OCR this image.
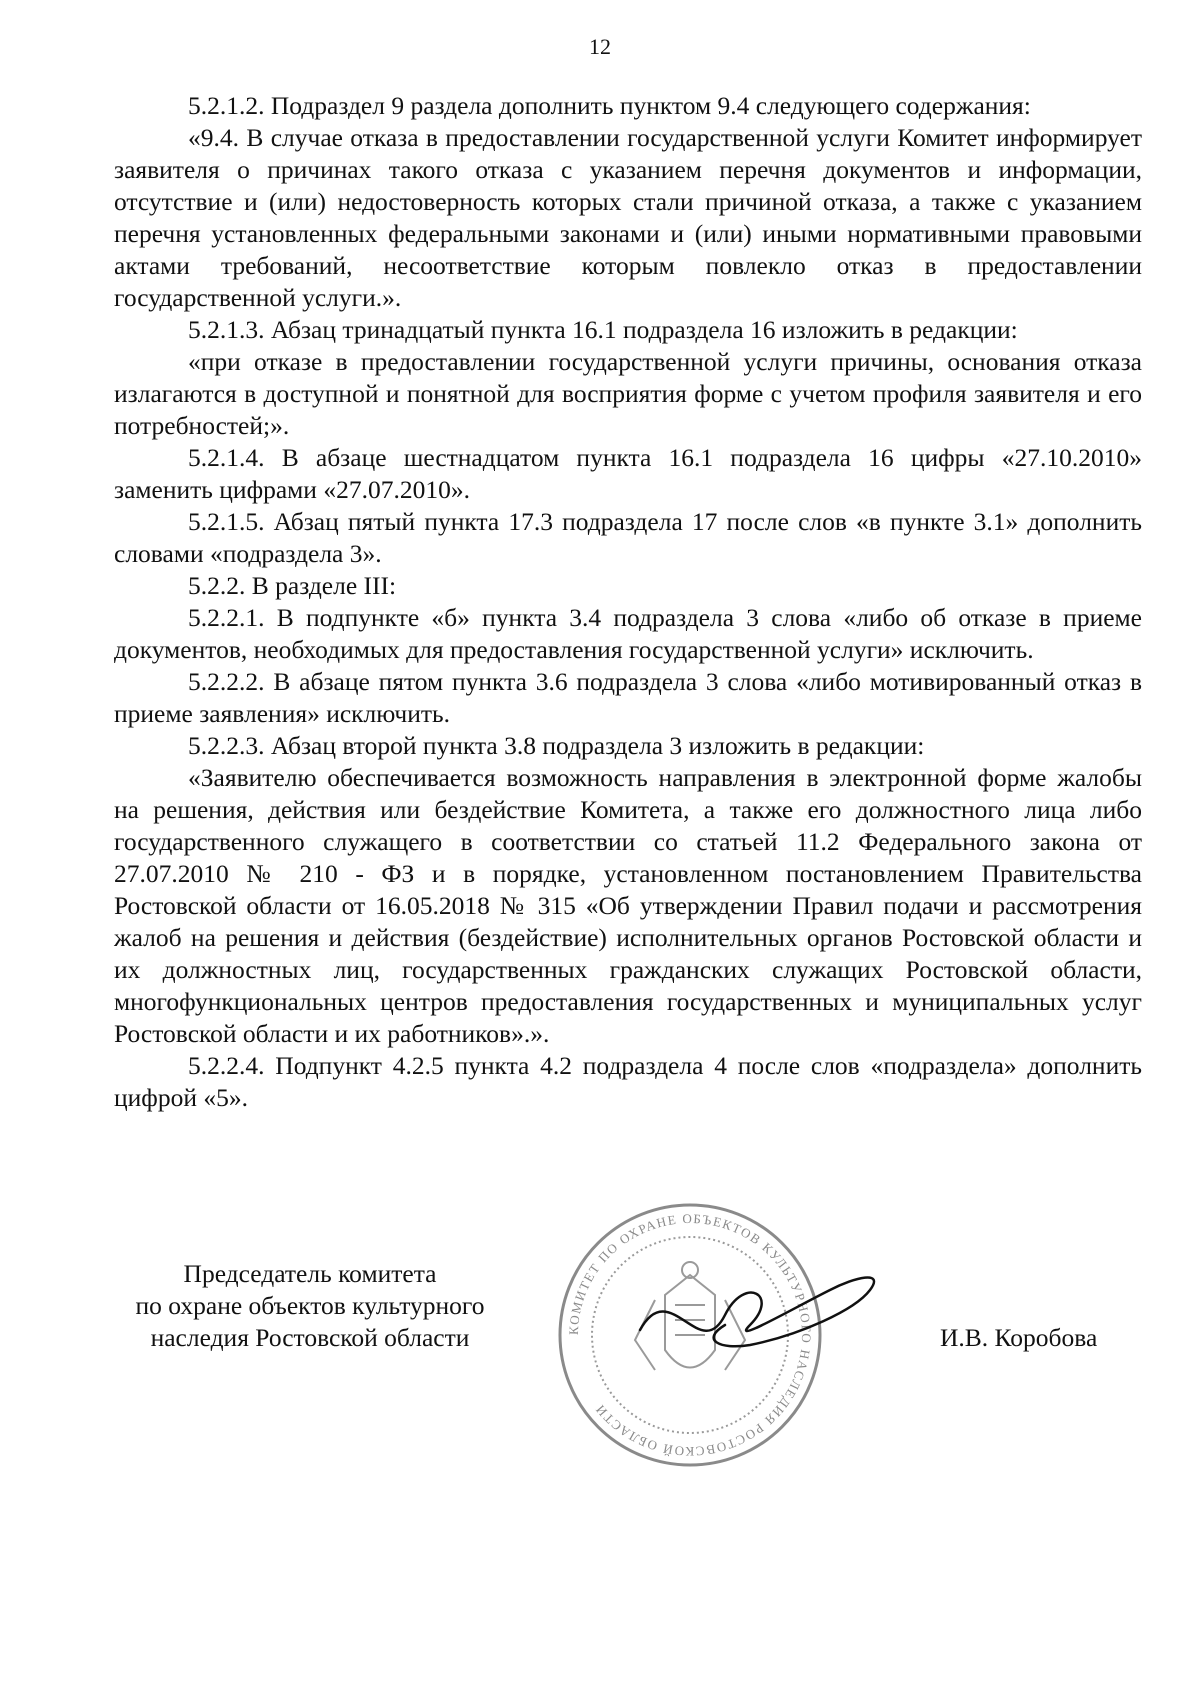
12

5.2.1.2. Подраздел 9 раздела дополнить пунктом 9.4 следующего содержания:

«9.4. В случае отказа в предоставлении государственной услуги Комитет информирует заявителя о причинах такого отказа с указанием перечня документов и информации, отсутствие и (или) недостоверность которых стали причиной отказа, а также с указанием перечня установленных федеральными законами и (или) иными нормативными правовыми актами требований, несоответствие которым повлекло отказ в предоставлении государственной услуги.».

5.2.1.3. Абзац тринадцатый пункта 16.1 подраздела 16 изложить в редакции:

«при отказе в предоставлении государственной услуги причины, основания отказа излагаются в доступной и понятной для восприятия форме с учетом профиля заявителя и его потребностей;».

5.2.1.4. В абзаце шестнадцатом пункта 16.1 подраздела 16 цифры «27.10.2010» заменить цифрами «27.07.2010».

5.2.1.5. Абзац пятый пункта 17.3 подраздела 17 после слов «в пункте 3.1» дополнить словами «подраздела 3».

5.2.2. В разделе III:

5.2.2.1. В подпункте «б» пункта 3.4 подраздела 3 слова «либо об отказе в приеме документов, необходимых для предоставления государственной услуги» исключить.

5.2.2.2. В абзаце пятом пункта 3.6 подраздела 3 слова «либо мотивированный отказ в приеме заявления» исключить.

5.2.2.3. Абзац второй пункта 3.8 подраздела 3 изложить в редакции:

«Заявителю обеспечивается возможность направления в электронной форме жалобы на решения, действия или бездействие Комитета, а также его должностного лица либо государственного служащего в соответствии со статьей 11.2 Федерального закона от 27.07.2010 № 210 - ФЗ и в порядке, установленном постановлением Правительства Ростовской области от 16.05.2018 № 315 «Об утверждении Правил подачи и рассмотрения жалоб на решения и действия (бездействие) исполнительных органов Ростовской области и их должностных лиц, государственных гражданских служащих Ростовской области, многофункциональных центров предоставления государственных и муниципальных услуг Ростовской области и их работников».».

5.2.2.4. Подпункт 4.2.5 пункта 4.2 подраздела 4 после слов «подраздела» дополнить цифрой «5».

Председатель комитета
по охране объектов культурного
наследия Ростовской области	КОМИТЕТ ПО ОХРАНЕ ОБЪЕКТОВ КУЛЬТУРНОГО НАСЛЕДИЯ РОСТОВСКОЙ ОБЛАСТИ
И.В. Коробова
